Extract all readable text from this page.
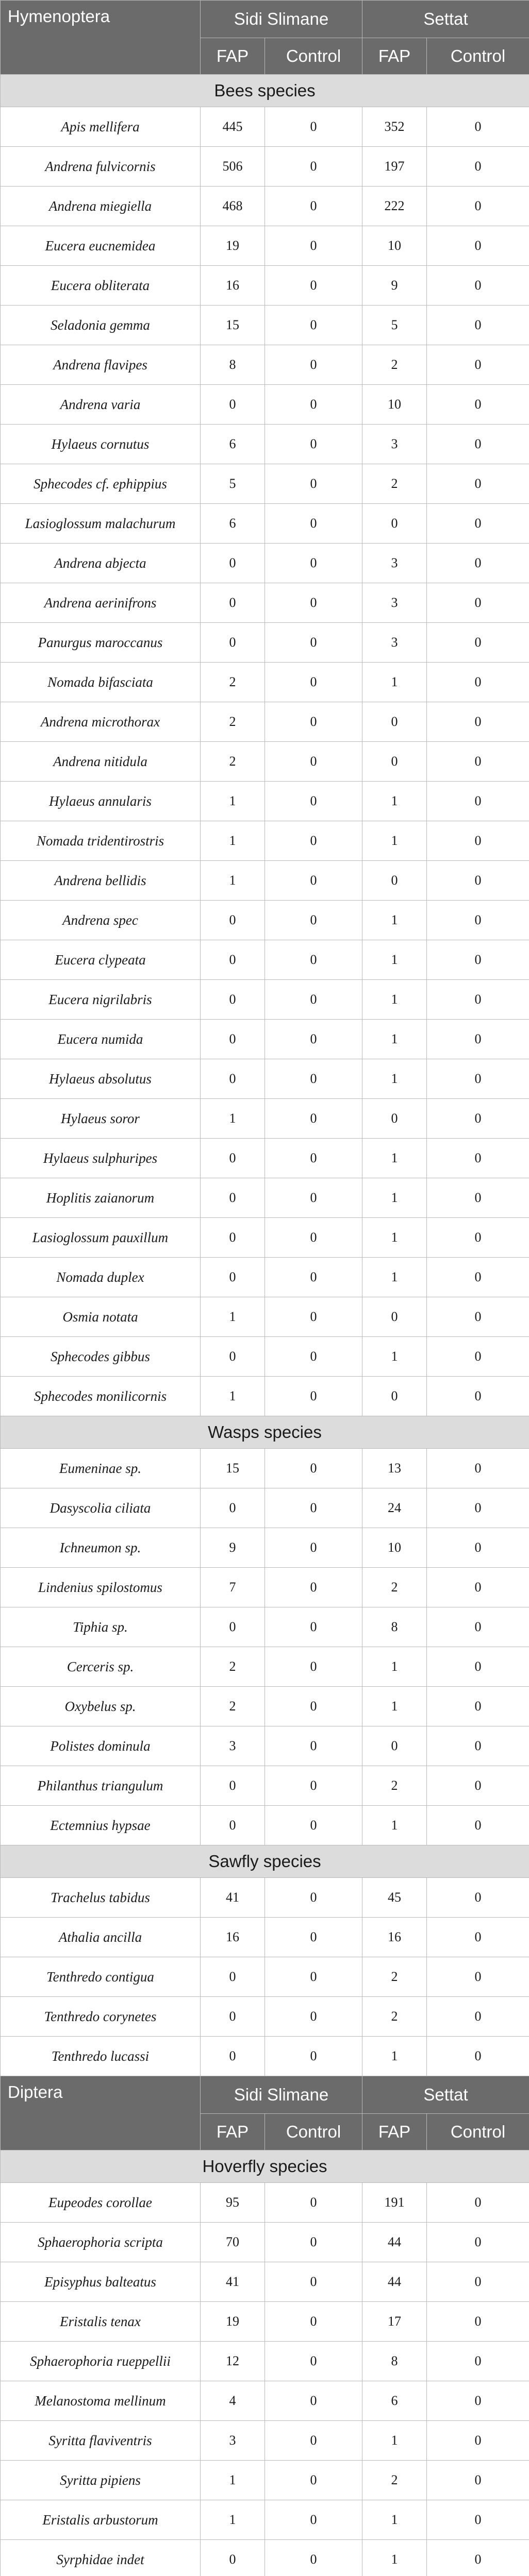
Hymenoptera	Sidi Slimane		Settat	
	FAP	Control	FAP	Control
Bees species				
Apis mellifera	445	0	352	0
Andrena fulvicornis	506	0	197	0
Andrena miegiella	468	0	222	0
Eucera eucnemidea	19	0	10	0
Eucera obliterata	16	0	9	0
Seladonia gemma	15	0	5	0
Andrena flavipes	8	0	2	0
Andrena varia	0	0	10	0
Hylaeus cornutus	6	0	3	0
Sphecodes cf. ephippius	5	0	2	0
Lasioglossum malachurum	6	0	0	0
Andrena abjecta	0	0	3	0
Andrena aerinifrons	0	0	3	0
Panurgus maroccanus	0	0	3	0
Nomada bifasciata	2	0	1	0
Andrena microthorax	2	0	0	0
Andrena nitidula	2	0	0	0
Hylaeus annularis	1	0	1	0
Nomada tridentirostris	1	0	1	0
Andrena bellidis	1	0	0	0
Andrena spec	0	0	1	0
Eucera clypeata	0	0	1	0
Eucera nigrilabris	0	0	1	0
Eucera numida	0	0	1	0
Hylaeus absolutus	0	0	1	0
Hylaeus soror	1	0	0	0
Hylaeus sulphuripes	0	0	1	0
Hoplitis zaianorum	0	0	1	0
Lasioglossum pauxillum	0	0	1	0
Nomada duplex	0	0	1	0
Osmia notata	1	0	0	0
Sphecodes gibbus	0	0	1	0
Sphecodes monilicornis	1	0	0	0
Wasps species				
Eumeninae sp.	15	0	13	0
Dasyscolia ciliata	0	0	24	0
Ichneumon sp.	9	0	10	0
Lindenius spilostomus	7	0	2	0
Tiphia sp.	0	0	8	0
Cerceris sp.	2	0	1	0
Oxybelus sp.	2	0	1	0
Polistes dominula	3	0	0	0
Philanthus triangulum	0	0	2	0
Ectemnius hypsae	0	0	1	0
Sawfly species				
Trachelus tabidus	41	0	45	0
Athalia ancilla	16	0	16	0
Tenthredo contigua	0	0	2	0
Tenthredo corynetes	0	0	2	0
Tenthredo lucassi	0	0	1	0
Diptera	Sidi Slimane		Settat	
	FAP	Control	FAP	Control
Hoverfly species				
Eupeodes corollae	95	0	191	0
Sphaerophoria scripta	70	0	44	0
Episyphus balteatus	41	0	44	0
Eristalis tenax	19	0	17	0
Sphaerophoria rueppellii	12	0	8	0
Melanostoma mellinum	4	0	6	0
Syritta flaviventris	3	0	1	0
Syritta pipiens	1	0	2	0
Eristalis arbustorum	1	0	1	0
Syrphidae indet	0	0	1	0
